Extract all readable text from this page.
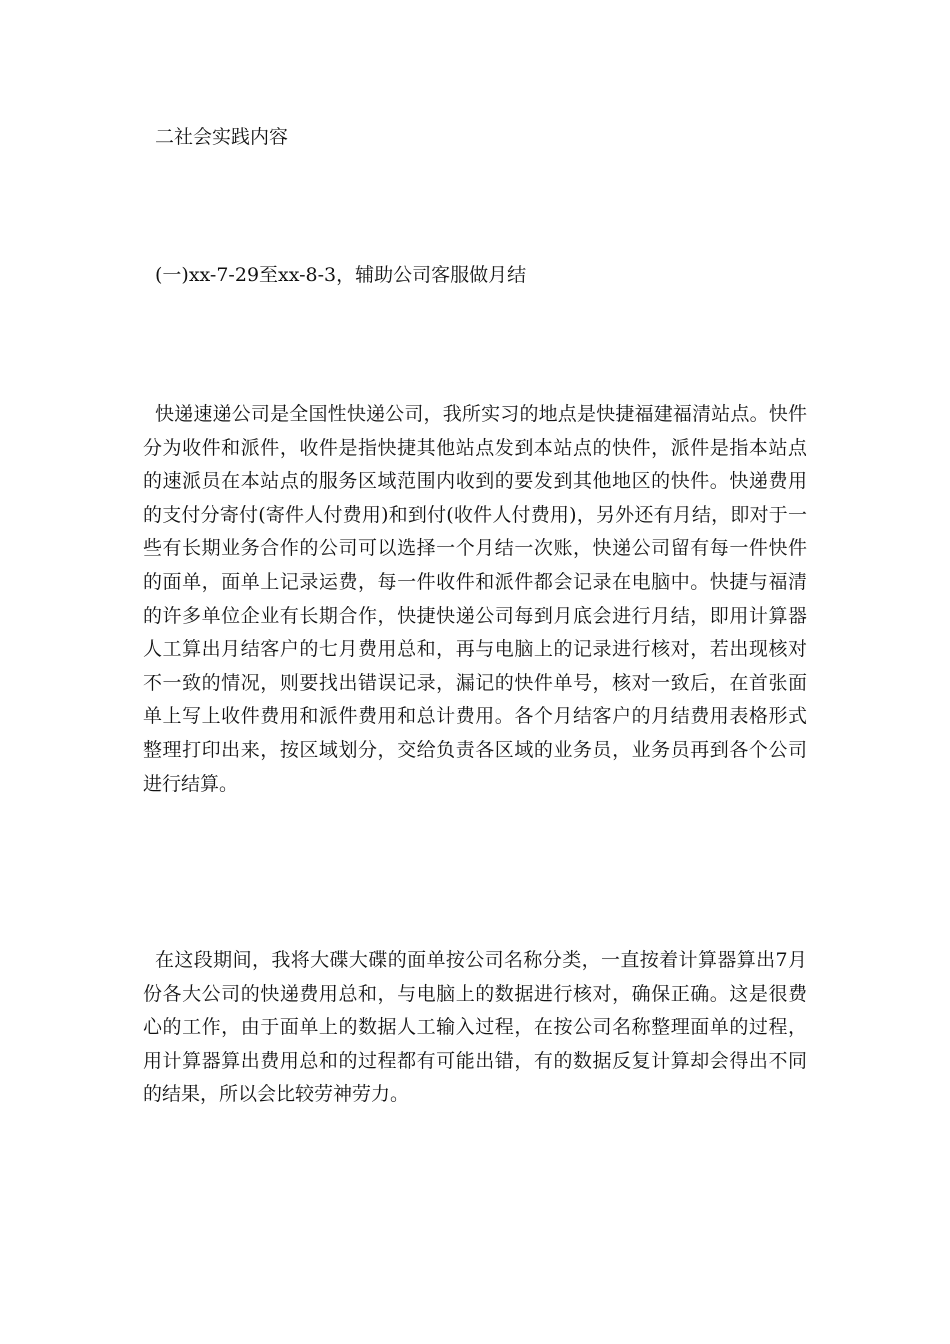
二社会实践内容
(一)xx-7-29至xx-8-3，辅助公司客服做月结

快递速递公司是全国性快递公司，我所实习的地点是快捷福建福清站点。快件分为收件和派件，收件是指快捷其他站点发到本站点的快件，派件是指本站点的速派员在本站点的服务区域范围内收到的要发到其他地区的快件。快递费用的支付分寄付(寄件人付费用)和到付(收件人付费用)，另外还有月结，即对于一些有长期业务合作的公司可以选择一个月结一次账，快递公司留有每一件快件的面单，面单上记录运费，每一件收件和派件都会记录在电脑中。快捷与福清的许多单位企业有长期合作，快捷快递公司每到月底会进行月结，即用计算器人工算出月结客户的七月费用总和，再与电脑上的记录进行核对，若出现核对不一致的情况，则要找出错误记录，漏记的快件单号，核对一致后，在首张面单上写上收件费用和派件费用和总计费用。各个月结客户的月结费用表格形式整理打印出来，按区域划分，交给负责各区域的业务员，业务员再到各个公司进行结算。

在这段期间，我将大碟大碟的面单按公司名称分类，一直按着计算器算出7月份各大公司的快递费用总和，与电脑上的数据进行核对，确保正确。这是很费心的工作，由于面单上的数据人工输入过程，在按公司名称整理面单的过程，用计算器算出费用总和的过程都有可能出错，有的数据反复计算却会得出不同的结果，所以会比较劳神劳力。
